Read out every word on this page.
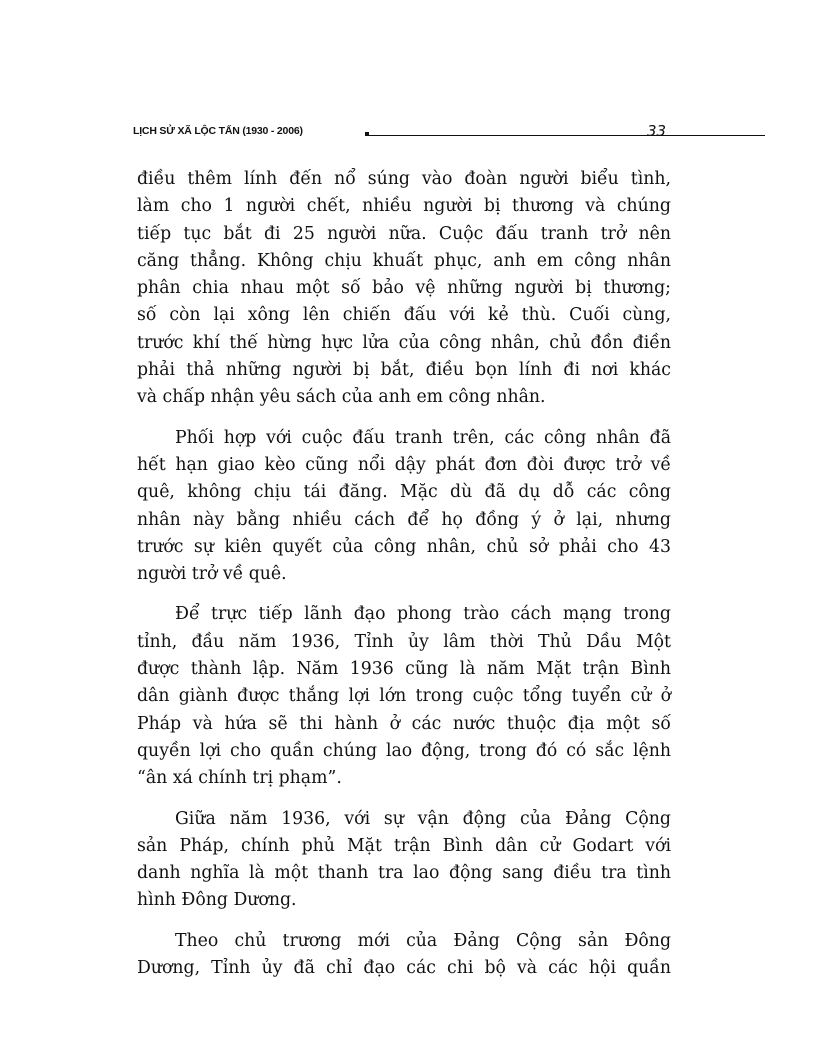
LỊCH SỬ XÃ LỘC TẤN (1930 - 2006)	33
điều thêm lính đến nổ súng vào đoàn người biểu tình,
làm cho 1 người chết, nhiều người bị thương và chúng
tiếp tục bắt đi 25 người nữa. Cuộc đấu tranh trở nên
căng thẳng. Không chịu khuất phục, anh em công nhân
phân chia nhau một số bảo vệ những người bị thương;
số còn lại xông lên chiến đấu với kẻ thù. Cuối cùng,
trước khí thế hừng hực lửa của công nhân, chủ đồn điền
phải thả những người bị bắt, điều bọn lính đi nơi khác
và chấp nhận yêu sách của anh em công nhân.
Phối hợp với cuộc đấu tranh trên, các công nhân đã
hết hạn giao kèo cũng nổi dậy phát đơn đòi được trở về
quê, không chịu tái đăng. Mặc dù đã dụ dỗ các công
nhân này bằng nhiều cách để họ đồng ý ở lại, nhưng
trước sự kiên quyết của công nhân, chủ sở phải cho 43
người trở về quê.
Để trực tiếp lãnh đạo phong trào cách mạng trong
tỉnh, đầu năm 1936, Tỉnh ủy lâm thời Thủ Dầu Một
được thành lập. Năm 1936 cũng là năm Mặt trận Bình
dân giành được thắng lợi lớn trong cuộc tổng tuyển cử ở
Pháp và hứa sẽ thi hành ở các nước thuộc địa một số
quyền lợi cho quần chúng lao động, trong đó có sắc lệnh
“ân xá chính trị phạm”.
Giữa năm 1936, với sự vận động của Đảng Cộng
sản Pháp, chính phủ Mặt trận Bình dân cử Godart với
danh nghĩa là một thanh tra lao động sang điều tra tình
hình Đông Dương.
Theo chủ trương mới của Đảng Cộng sản Đông
Dương, Tỉnh ủy đã chỉ đạo các chi bộ và các hội quần
